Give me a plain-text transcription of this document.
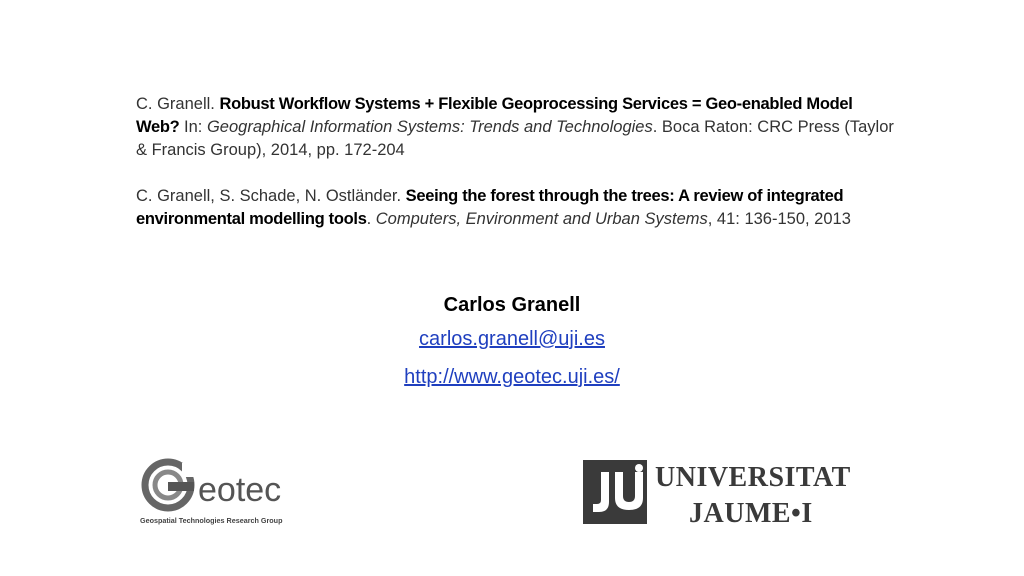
C. Granell. Robust Workflow Systems + Flexible Geoprocessing Services = Geo-enabled Model Web? In: Geographical Information Systems: Trends and Technologies. Boca Raton: CRC Press (Taylor & Francis Group), 2014, pp. 172-204

C. Granell, S. Schade, N. Ostländer. Seeing the forest through the trees: A review of integrated environmental modelling tools. Computers, Environment and Urban Systems, 41: 136-150, 2013

Carlos Granell
carlos.granell@uji.es
http://www.geotec.uji.es/
eotec
Geospatial Technologies Research Group
UNIVERSITAT
JAUME•I
